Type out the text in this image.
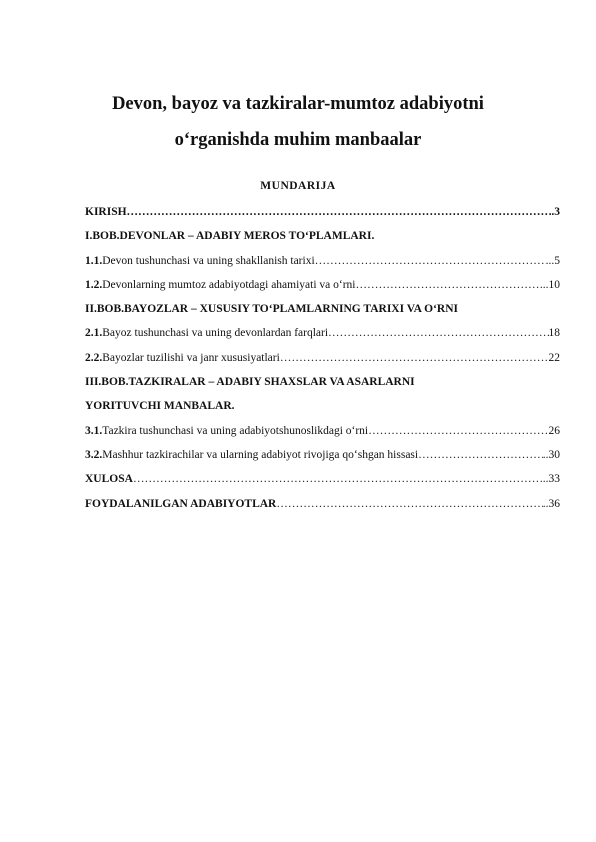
Devon, bayoz va tazkiralar-mumtoz adabiyotni
o‘rganishda muhim manbaalar
MUNDARIJA
KIRISH ……………………………………………………………………………………………………………………………………………	.3
I.BOB.DEVONLAR – ADABIY MEROS TO‘PLAMLARI.
1.1. Devon tushunchasi va uning shakllanish tarixi ……………………………………………………………………………………………………………………………………………	...5
1.2. Devonlarning mumtoz adabiyotdagi ahamiyati va o‘rni ……………………………………………………………………………………………………………………………………………	...10
II.BOB.BAYOZLAR – XUSUSIY TO‘PLAMLARNING TARIXI VA O‘RNI
2.1. Bayoz tushunchasi va uning devonlardan farqlari ……………………………………………………………………………………………………………………………………………	18
2.2. Bayozlar tuzilishi va janr xususiyatlari ……………………………………………………………………………………………………………………………………………	22
III.BOB.TAZKIRALAR – ADABIY SHAXSLAR VA ASARLARNI
YORITUVCHI MANBALAR.
3.1. Tazkira tushunchasi va uning adabiyotshunoslikdagi o‘rni ……………………………………………………………………………………………………………………………………………	26
3.2. Mashhur tazkirachilar va ularning adabiyot rivojiga qo‘shgan hissasi ……………………………………………………………………………………………………………………………………………	..30
XULOSA ……………………………………………………………………………………………………………………………………………	..33
FOYDALANILGAN ADABIYOTLAR ……………………………………………………………………………………………………………………………………………	..36
